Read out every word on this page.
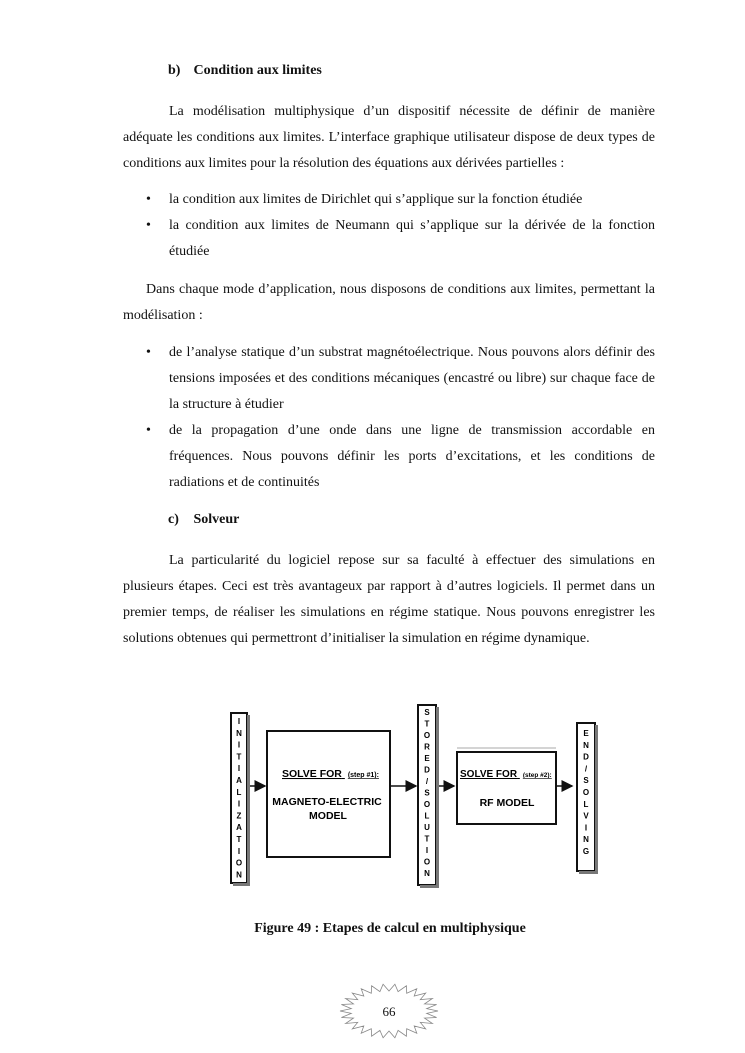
b) Condition aux limites
La modélisation multiphysique d’un dispositif nécessite de définir de manière adéquate les conditions aux limites. L’interface graphique utilisateur dispose de deux types de conditions aux limites pour la résolution des équations aux dérivées partielles :
• la condition aux limites de Dirichlet qui s’applique sur la fonction étudiée
• la condition aux limites de Neumann qui s’applique sur la dérivée de la fonction étudiée
Dans chaque mode d’application, nous disposons de conditions aux limites, permettant la modélisation :
• de l’analyse statique d’un substrat magnétoélectrique. Nous pouvons alors définir des tensions imposées et des conditions mécaniques (encastré ou libre) sur chaque face de la structure à étudier
• de la propagation d’une onde dans une ligne de transmission accordable en fréquences. Nous pouvons définir les ports d’excitations, et les conditions de radiations et de continuités
c) Solveur
La particularité du logiciel repose sur sa faculté à effectuer des simulations en plusieurs étapes. Ceci est très avantageux par rapport à d’autres logiciels. Il permet dans un premier temps, de réaliser les simulations en régime statique. Nous pouvons enregistrer les solutions obtenues qui permettront d’initialiser la simulation en régime dynamique.
I N I T I A L I Z A T I O N
SOLVE FOR (step #1):
MAGNETO-ELECTRIC
MODEL
S T O R E D / S O L U T I O N
SOLVE FOR (step #2):
RF MODEL
E N D / S O L V I N G
Figure 49 : Etapes de calcul en multiphysique
66
